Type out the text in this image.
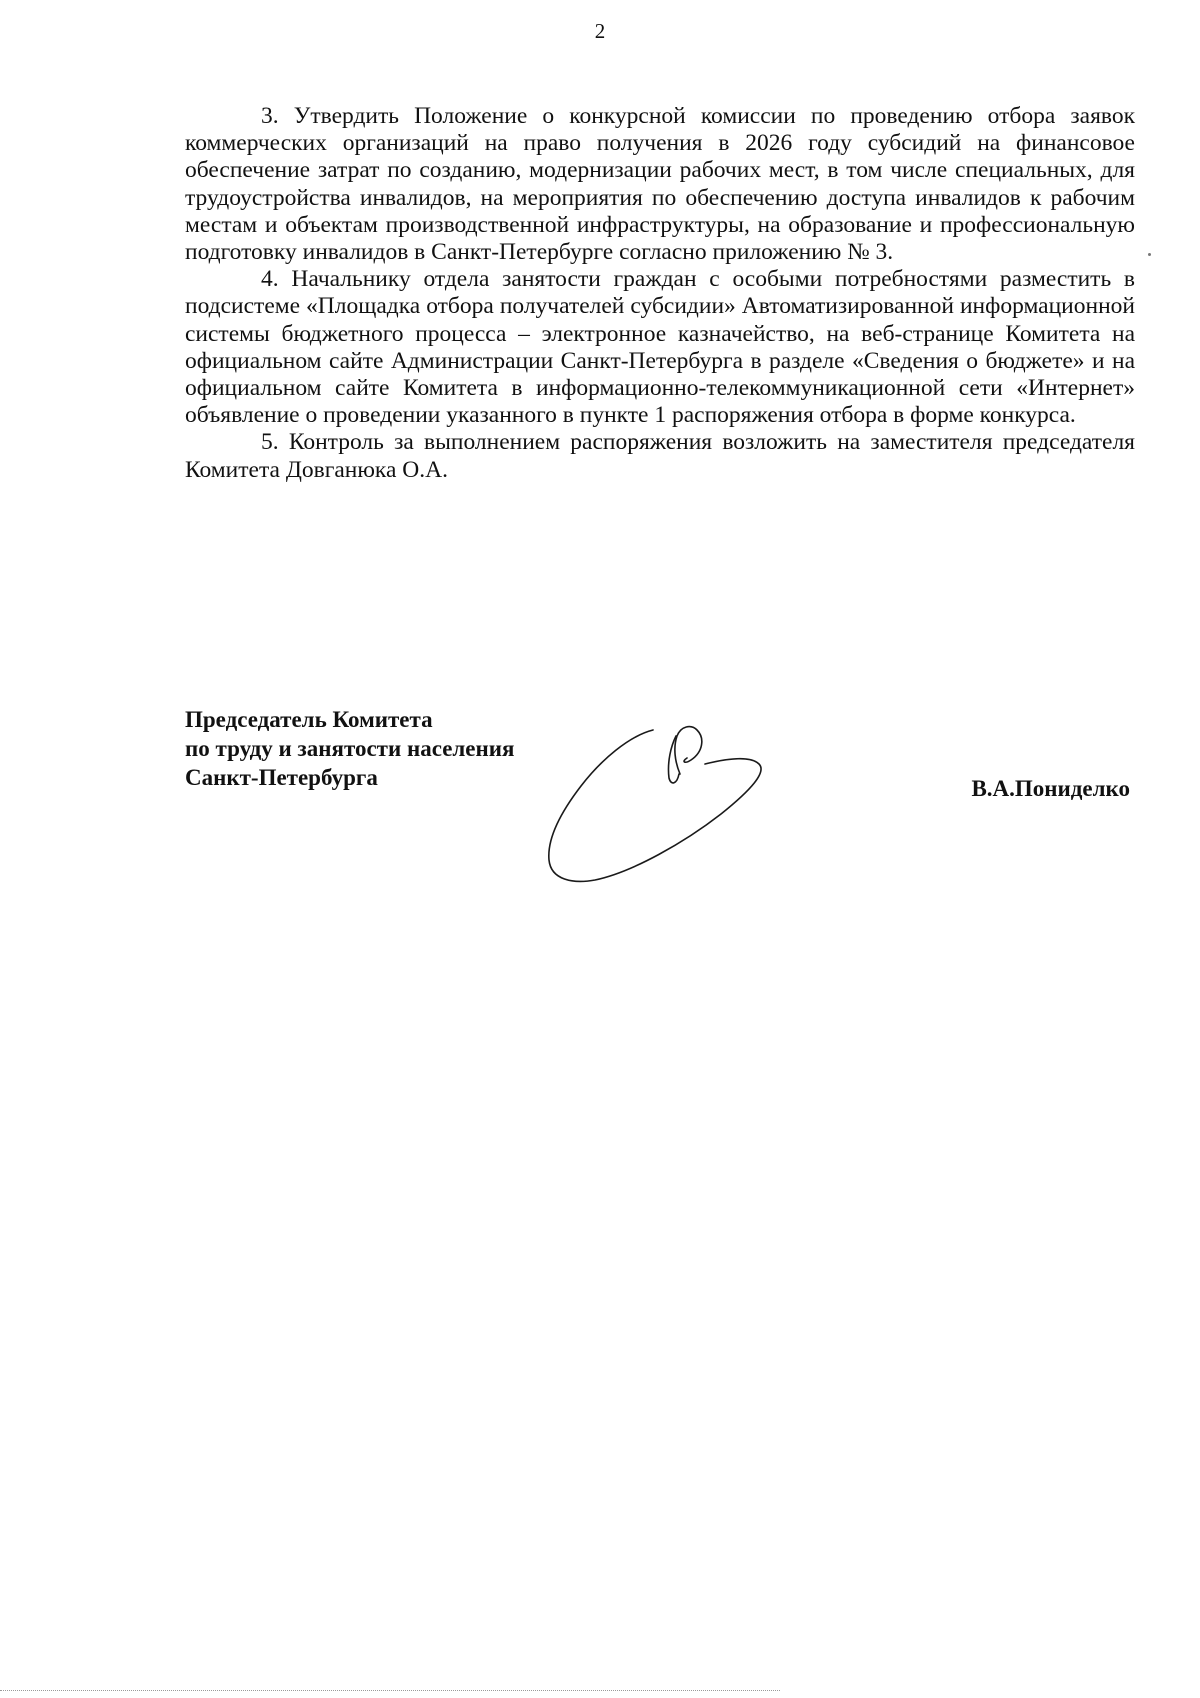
2

3. Утвердить Положение о конкурсной комиссии по проведению отбора заявок коммерческих организаций на право получения в 2026 году субсидий на финансовое обеспечение затрат по созданию, модернизации рабочих мест, в том числе специальных, для трудоустройства инвалидов, на мероприятия по обеспечению доступа инвалидов к рабочим местам и объектам производственной инфраструктуры, на образование и профессиональную подготовку инвалидов в Санкт-Петербурге согласно приложению № 3.

4. Начальнику отдела занятости граждан с особыми потребностями разместить в подсистеме «Площадка отбора получателей субсидии» Автоматизированной информационной системы бюджетного процесса – электронное казначейство, на веб-странице Комитета на официальном сайте Администрации Санкт-Петербурга в разделе «Сведения о бюджете» и на официальном сайте Комитета в информационно-телекоммуникационной сети «Интернет» объявление о проведении указанного в пункте 1 распоряжения отбора в форме конкурса.

5. Контроль за выполнением распоряжения возложить на заместителя председателя Комитета Довганюка О.А.

Председатель Комитета
по труду и занятости населения
Санкт-Петербурга	В.А.Пониделко
